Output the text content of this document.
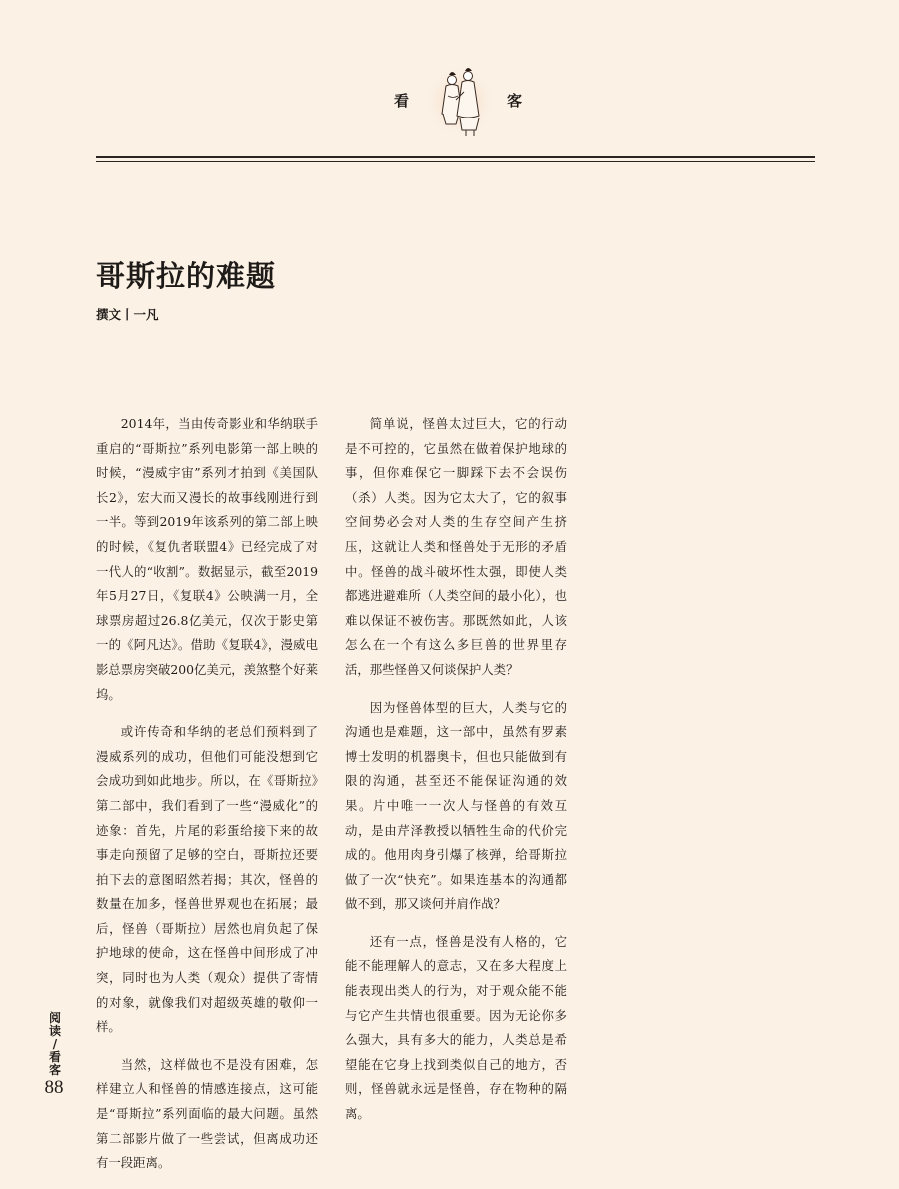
看	客
哥斯拉的难题

撰文丨一凡

2014年，当由传奇影业和华纳联手重启的“哥斯拉”系列电影第一部上映的时候，“漫威宇宙”系列才拍到《美国队长2》，宏大而又漫长的故事线刚进行到一半。等到2019年该系列的第二部上映的时候，《复仇者联盟4》已经完成了对一代人的“收割”。数据显示，截至2019年5月27日，《复联4》公映满一月，全球票房超过26.8亿美元，仅次于影史第一的《阿凡达》。借助《复联4》，漫威电影总票房突破200亿美元，羡煞整个好莱坞。

或许传奇和华纳的老总们预料到了漫威系列的成功，但他们可能没想到它会成功到如此地步。所以，在《哥斯拉》第二部中，我们看到了一些“漫威化”的迹象：首先，片尾的彩蛋给接下来的故事走向预留了足够的空白，哥斯拉还要拍下去的意图昭然若揭；其次，怪兽的数量在加多，怪兽世界观也在拓展；最后，怪兽（哥斯拉）居然也肩负起了保护地球的使命，这在怪兽中间形成了冲突，同时也为人类（观众）提供了寄情的对象，就像我们对超级英雄的敬仰一样。

当然，这样做也不是没有困难，怎样建立人和怪兽的情感连接点，这可能是“哥斯拉”系列面临的最大问题。虽然第二部影片做了一些尝试，但离成功还有一段距离。

简单说，怪兽太过巨大，它的行动是不可控的，它虽然在做着保护地球的事，但你难保它一脚踩下去不会误伤（杀）人类。因为它太大了，它的叙事空间势必会对人类的生存空间产生挤压，这就让人类和怪兽处于无形的矛盾中。怪兽的战斗破坏性太强，即使人类都逃进避难所（人类空间的最小化），也难以保证不被伤害。那既然如此，人该怎么在一个有这么多巨兽的世界里存活，那些怪兽又何谈保护人类？

因为怪兽体型的巨大，人类与它的沟通也是难题，这一部中，虽然有罗素博士发明的机器奥卡，但也只能做到有限的沟通，甚至还不能保证沟通的效果。片中唯一一次人与怪兽的有效互动，是由芹泽教授以牺牲生命的代价完成的。他用肉身引爆了核弹，给哥斯拉做了一次“快充”。如果连基本的沟通都做不到，那又谈何并肩作战？

还有一点，怪兽是没有人格的，它能不能理解人的意志，又在多大程度上能表现出类人的行为，对于观众能不能与它产生共情也很重要。因为无论你多么强大，具有多大的能力，人类总是希望能在它身上找到类似自己的地方，否则，怪兽就永远是怪兽，存在物种的隔离。

阅
读
/
看
客
88
